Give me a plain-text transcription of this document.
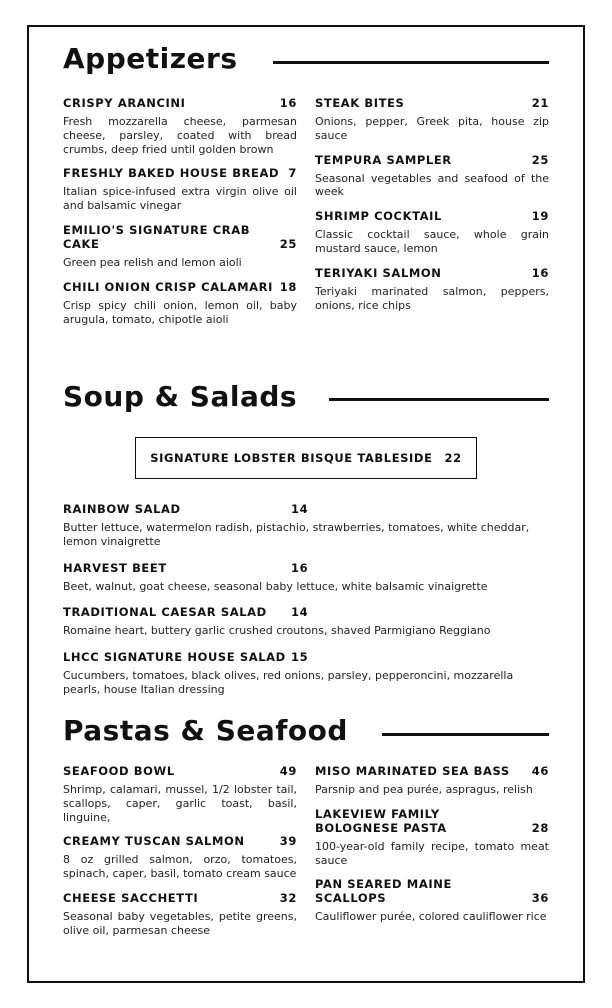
Appetizers
CRISPY ARANCINI	16
Fresh mozzarella cheese, parmesan cheese, parsley, coated with bread crumbs, deep fried until golden brown
FRESHLY BAKED HOUSE BREAD 7
Italian spice-infused extra virgin olive oil and balsamic vinegar
EMILIO'S SIGNATURE CRAB CAKE	25
Green pea relish and lemon aioli
CHILI ONION CRISP CALAMARI 18
Crisp spicy chili onion, lemon oil, baby arugula, tomato, chipotle aioli
STEAK BITES	21
Onions, pepper, Greek pita, house zip sauce
TEMPURA SAMPLER	25
Seasonal vegetables and seafood of the week
SHRIMP COCKTAIL	19
Classic cocktail sauce, whole grain mustard sauce, lemon
TERIYAKI SALMON	16
Teriyaki marinated salmon, peppers, onions, rice chips
Soup & Salads
SIGNATURE LOBSTER BISQUE TABLESIDE 22
RAINBOW SALAD	14
Butter lettuce, watermelon radish, pistachio, strawberries, tomatoes, white cheddar, lemon vinaigrette
HARVEST BEET	16
Beet, walnut, goat cheese, seasonal baby lettuce, white balsamic vinaigrette
TRADITIONAL CAESAR SALAD 14
Romaine heart, buttery garlic crushed croutons, shaved Parmigiano Reggiano
LHCC SIGNATURE HOUSE SALAD 15
Cucumbers, tomatoes, black olives, red onions, parsley, pepperoncini, mozzarella pearls, house Italian dressing
Pastas & Seafood
SEAFOOD BOWL	49
Shrimp, calamari, mussel, 1/2 lobster tail, scallops, caper, garlic toast, basil, linguine,
CREAMY TUSCAN SALMON	39
8 oz grilled salmon, orzo, tomatoes, spinach, caper, basil, tomato cream sauce
CHEESE SACCHETTI	32
Seasonal baby vegetables, petite greens, olive oil, parmesan cheese
MISO MARINATED SEA BASS 46
Parsnip and pea purée, aspragus, relish
LAKEVIEW FAMILY BOLOGNESE PASTA	28
100-year-old family recipe, tomato meat sauce
PAN SEARED MAINE SCALLOPS	36
Cauliflower purée, colored cauliflower rice
